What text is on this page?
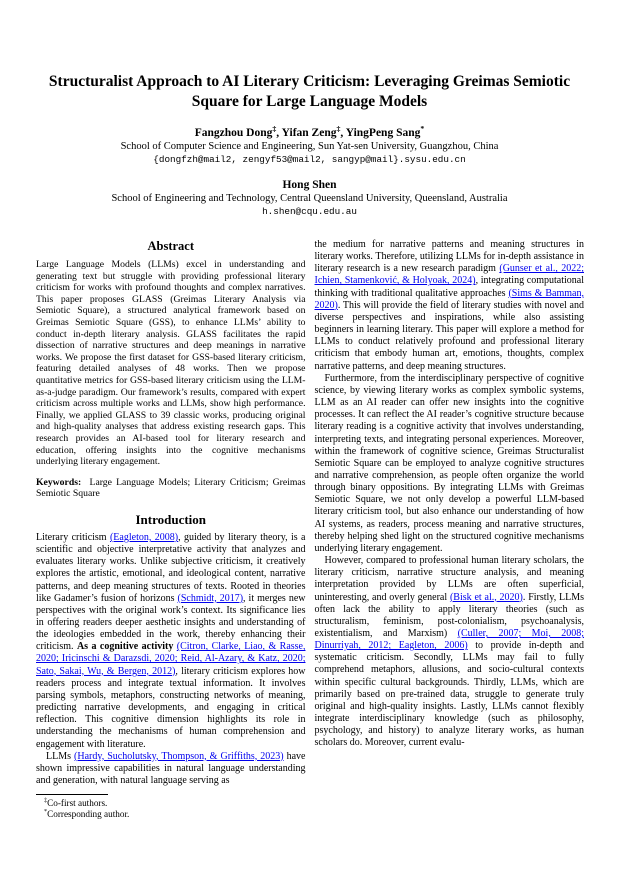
Structuralist Approach to AI Literary Criticism: Leveraging Greimas Semiotic Square for Large Language Models
Fangzhou Dong‡, Yifan Zeng‡, YingPeng Sang*
School of Computer Science and Engineering, Sun Yat-sen University, Guangzhou, China
{dongfzh@mail2, zengyf53@mail2, sangyp@mail}.sysu.edu.cn
Hong Shen
School of Engineering and Technology, Central Queensland University, Queensland, Australia
h.shen@cqu.edu.au
Abstract

Large Language Models (LLMs) excel in understanding and generating text but struggle with providing professional literary criticism for works with profound thoughts and complex narratives. This paper proposes GLASS (Greimas Literary Analysis via Semiotic Square), a structured analytical framework based on Greimas Semiotic Square (GSS), to enhance LLMs’ ability to conduct in-depth literary analysis. GLASS facilitates the rapid dissection of narrative structures and deep meanings in narrative works. We propose the first dataset for GSS-based literary criticism, featuring detailed analyses of 48 works. Then we propose quantitative metrics for GSS-based literary criticism using the LLM-as-a-judge paradigm. Our framework’s results, compared with expert criticism across multiple works and LLMs, show high performance. Finally, we applied GLASS to 39 classic works, producing original and high-quality analyses that address existing research gaps. This research provides an AI-based tool for literary research and education, offering insights into the cognitive mechanisms underlying literary engagement.

Keywords:  Large Language Models; Literary Criticism; Greimas Semiotic Square

Introduction

Literary criticism (Eagleton, 2008), guided by literary theory, is a scientific and objective interpretative activity that analyzes and evaluates literary works. Unlike subjective criticism, it creatively explores the artistic, emotional, and ideological content, narrative patterns, and deep meaning structures of texts. Rooted in theories like Gadamer’s fusion of horizons (Schmidt, 2017), it merges new perspectives with the original work’s context. Its significance lies in offering readers deeper aesthetic insights and understanding of the ideologies embedded in the work, thereby enhancing their criticism. As a cognitive activity (Citron, Clarke, Liao, & Rasse, 2020; Iricinschi & Darazsdi, 2020; Reid, Al-Azary, & Katz, 2020; Sato, Sakai, Wu, & Bergen, 2012), literary criticism explores how readers process and integrate textual information. It involves parsing symbols, metaphors, constructing networks of meaning, predicting narrative developments, and engaging in critical reflection. This cognitive dimension highlights its role in understanding the mechanisms of human comprehension and engagement with literature.

LLMs (Hardy, Sucholutsky, Thompson, & Griffiths, 2023) have shown impressive capabilities in natural language understanding and generation, with natural language serving as

‡Co-first authors.
*Corresponding author.

the medium for narrative patterns and meaning structures in literary works. Therefore, utilizing LLMs for in-depth assistance in literary research is a new research paradigm (Gunser et al., 2022; Ichien, Stamenković, & Holyoak, 2024), integrating computational thinking with traditional qualitative approaches (Sims & Bamman, 2020). This will provide the field of literary studies with novel and diverse perspectives and inspirations, while also assisting beginners in learning literary. This paper will explore a method for LLMs to conduct relatively profound and professional literary criticism that embody human art, emotions, thoughts, complex narrative patterns, and deep meaning structures.

Furthermore, from the interdisciplinary perspective of cognitive science, by viewing literary works as complex symbolic systems, LLM as an AI reader can offer new insights into the cognitive processes. It can reflect the AI reader’s cognitive structure because literary reading is a cognitive activity that involves understanding, interpreting texts, and integrating personal experiences. Moreover, within the framework of cognitive science, Greimas Structuralist Semiotic Square can be employed to analyze cognitive structures and narrative comprehension, as people often organize the world through binary oppositions. By integrating LLMs with Greimas Semiotic Square, we not only develop a powerful LLM-based literary criticism tool, but also enhance our understanding of how AI systems, as readers, process meaning and narrative structures, thereby helping shed light on the structured cognitive mechanisms underlying literary engagement.

However, compared to professional human literary scholars, the literary criticism, narrative structure analysis, and meaning interpretation provided by LLMs are often superficial, uninteresting, and overly general (Bisk et al., 2020). Firstly, LLMs often lack the ability to apply literary theories (such as structuralism, feminism, post-colonialism, psychoanalysis, existentialism, and Marxism) (Culler, 2007; Moi, 2008; Dinurriyah, 2012; Eagleton, 2006) to provide in-depth and systematic criticism. Secondly, LLMs may fail to fully comprehend metaphors, allusions, and socio-cultural contexts within specific cultural backgrounds. Thirdly, LLMs, which are primarily based on pre-trained data, struggle to generate truly original and high-quality insights. Lastly, LLMs cannot flexibly integrate interdisciplinary knowledge (such as philosophy, psychology, and history) to analyze literary works, as human scholars do. Moreover, current evalu-
